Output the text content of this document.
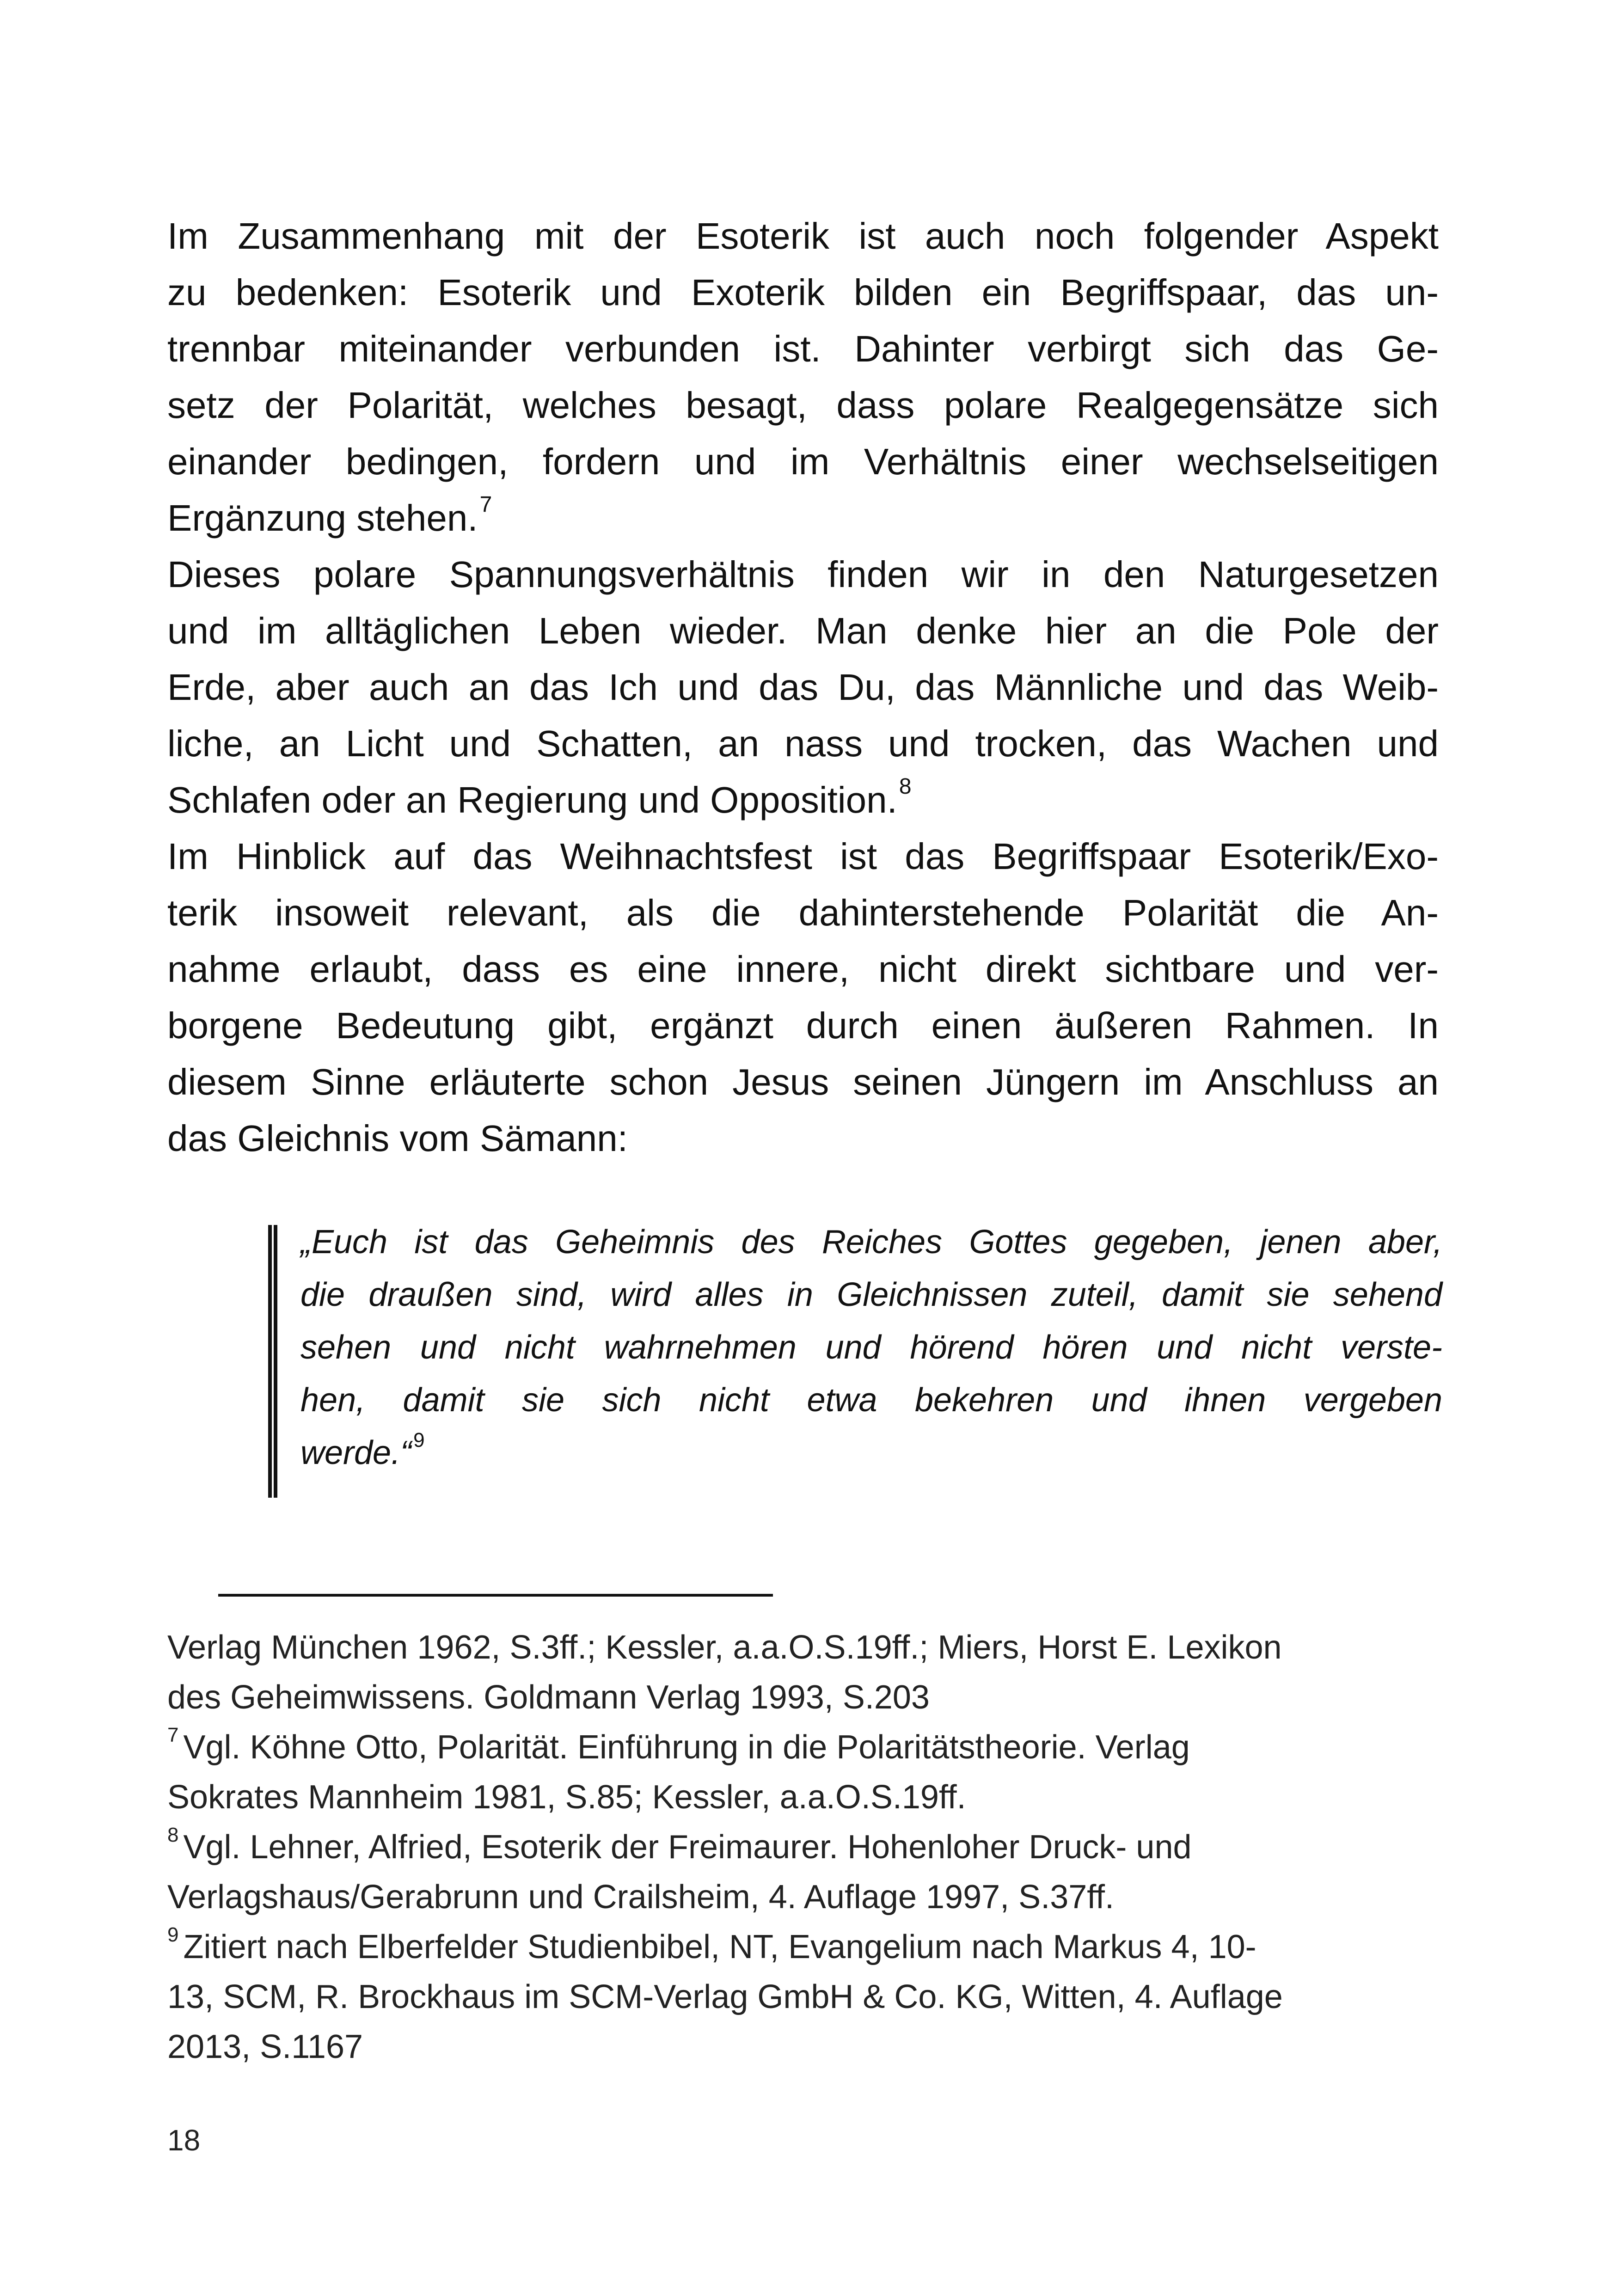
Im Zusammenhang mit der Esoterik ist auch noch folgender Aspekt
zu bedenken: Esoterik und Exoterik bilden ein Begriffspaar, das un-
trennbar miteinander verbunden ist. Dahinter verbirgt sich das Ge-
setz der Polarität, welches besagt, dass polare Realgegensätze sich
einander bedingen, fordern und im Verhältnis einer wechselseitigen
Ergänzung stehen.$^7$
Dieses polare Spannungsverhältnis finden wir in den Naturgesetzen
und im alltäglichen Leben wieder. Man denke hier an die Pole der
Erde, aber auch an das Ich und das Du, das Männliche und das Weib-
liche, an Licht und Schatten, an nass und trocken, das Wachen und
Schlafen oder an Regierung und Opposition.$^8$
Im Hinblick auf das Weihnachtsfest ist das Begriffspaar Esoterik/Exo-
terik insoweit relevant, als die dahinterstehende Polarität die An-
nahme erlaubt, dass es eine innere, nicht direkt sichtbare und ver-
borgene Bedeutung gibt, ergänzt durch einen äußeren Rahmen. In
diesem Sinne erläuterte schon Jesus seinen Jüngern im Anschluss an
das Gleichnis vom Sämann:
„Euch ist das Geheimnis des Reiches Gottes gegeben, jenen aber,
die draußen sind, wird alles in Gleichnissen zuteil, damit sie sehend
sehen und nicht wahrnehmen und hörend hören und nicht verste-
hen, damit sie sich nicht etwa bekehren und ihnen vergeben
werde.“$^9$
Verlag München 1962, S.3ff.; Kessler, a.a.O.S.19ff.; Miers, Horst E. Lexikon
des Geheimwissens. Goldmann Verlag 1993, S.203
$^7$ Vgl. Köhne Otto, Polarität. Einführung in die Polaritätstheorie. Verlag
Sokrates Mannheim 1981, S.85; Kessler, a.a.O.S.19ff.
$^8$ Vgl. Lehner, Alfried, Esoterik der Freimaurer. Hohenloher Druck- und
Verlagshaus/Gerabrunn und Crailsheim, 4. Auflage 1997, S.37ff.
$^9$ Zitiert nach Elberfelder Studienbibel, NT, Evangelium nach Markus 4, 10-
13, SCM, R. Brockhaus im SCM-Verlag GmbH & Co. KG, Witten, 4. Auflage
2013, S.1167
18
